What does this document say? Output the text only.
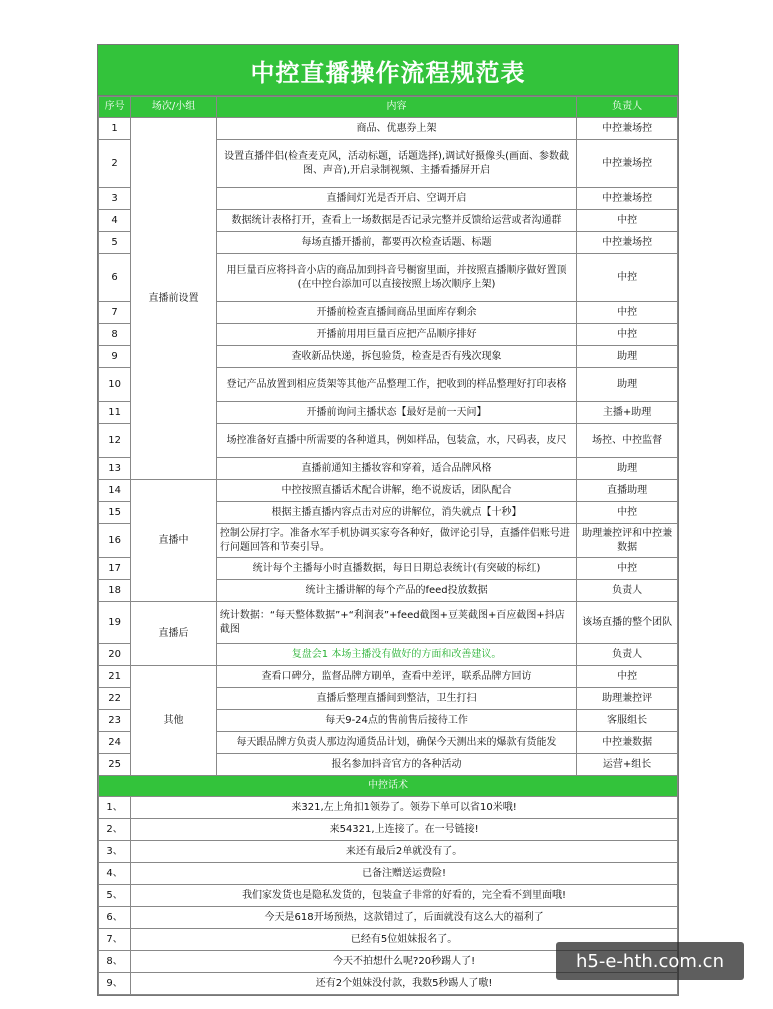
中控直播操作流程规范表
序号	场次/小组	内容	负责人
1	直播前设置	商品、优惠券上架	中控兼场控
2		设置直播伴侣(检查麦克风，活动标题，话题选择),调试好摄像头(画面、参数截图、声音),开启录制视频、主播看播屏开启	中控兼场控
3		直播间灯光是否开启、空调开启	中控兼场控
4		数据统计表格打开，查看上一场数据是否记录完整并反馈给运营或者沟通群	中控
5		每场直播开播前，都要再次检查话题、标题	中控兼场控
6		用巨量百应将抖音小店的商品加到抖音号橱窗里面，并按照直播顺序做好置顶(在中控台添加可以直接按照上场次顺序上架)	中控
7		开播前检查直播间商品里面库存剩余	中控
8		开播前用用巨量百应把产品顺序排好	中控
9		查收新品快递，拆包验货，检查是否有残次现象	助理
10		登记产品放置到相应货架等其他产品整理工作，把收到的样品整理好打印表格	助理
11		开播前询问主播状态【最好是前一天问】	主播+助理
12		场控准备好直播中所需要的各种道具，例如样品，包装盒，水，尺码表，皮尺	场控、中控监督
13		直播前通知主播妆容和穿着，适合品牌风格	助理
14	直播中	中控按照直播话术配合讲解，绝不说废话，团队配合	直播助理
15		根据主播直播内容点击对应的讲解位，消失就点【十秒】	中控
16		控制公屏打字。准备水军手机协调买家夸各种好，做评论引导，直播伴侣账号进行问题回答和节奏引导。	助理兼控评和中控兼数据
17		统计每个主播每小时直播数据，每日日期总表统计(有突破的标红)	中控
18		统计主播讲解的每个产品的feed投放数据	负责人
19	直播后	统计数据：“每天整体数据”+“利润表”+feed截图+豆荚截图+百应截图+抖店截图	该场直播的整个团队
20		复盘会1 本场主播没有做好的方面和改善建议。	负责人
21	其他	查看口碑分，监督品牌方刷单，查看中差评，联系品牌方回访	中控
22		直播后整理直播间到整洁，卫生打扫	助理兼控评
23		每天9-24点的售前售后接待工作	客服组长
24		每天跟品牌方负责人那边沟通货品计划，确保今天测出来的爆款有货能发	中控兼数据
25		报名参加抖音官方的各种活动	运营+组长
中控话术			
1、	来321,左上角扣1领券了。领券下单可以省10米哦!		
2、	来54321,上连接了。在一号链接!		
3、	来还有最后2单就没有了。		
4、	已备注赠送运费险!		
5、	我们家发货也是隐私发货的，包装盒子非常的好看的，完全看不到里面哦!		
6、	今天是618开场预热，这款错过了，后面就没有这么大的福利了		
7、	已经有5位姐妹报名了。		
8、	今天不拍想什么呢?20秒踢人了!		
9、	还有2个姐妹没付款，我数5秒踢人了嗷!		
h5-e-hth.com.cn
